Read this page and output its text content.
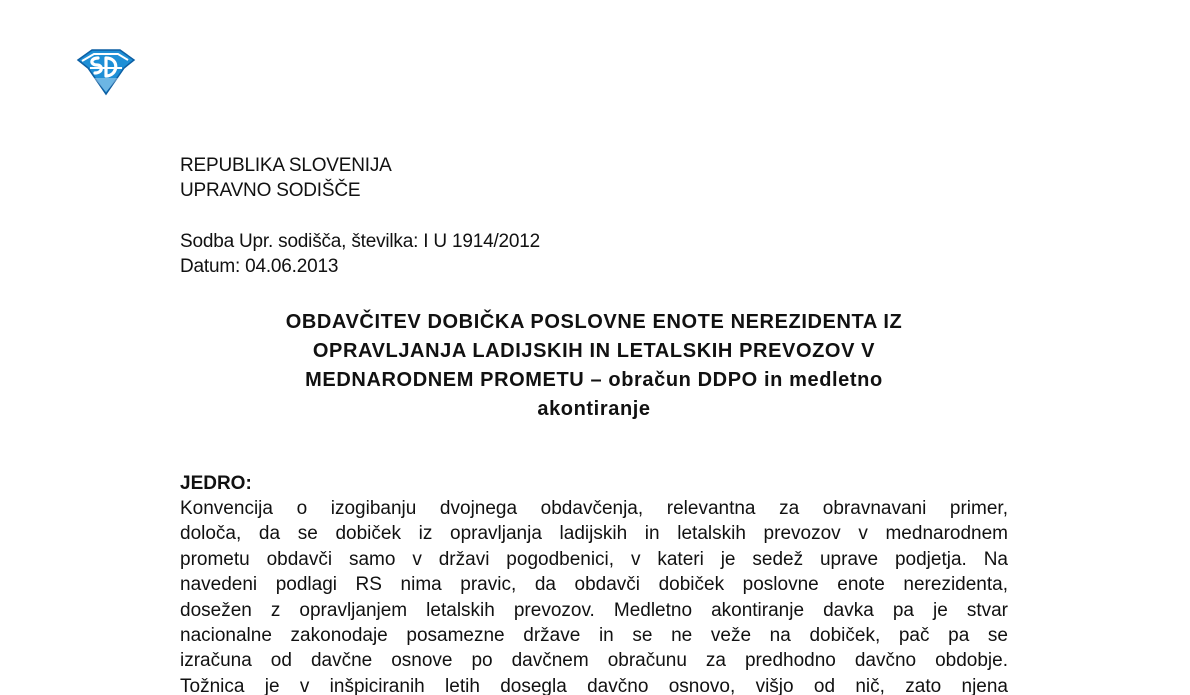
REPUBLIKA SLOVENIJA
UPRAVNO SODIŠČE
Sodba Upr. sodišča, številka: I U 1914/2012
Datum: 04.06.2013
OBDAVČITEV DOBIČKA POSLOVNE ENOTE NEREZIDENTA IZ
OPRAVLJANJA LADIJSKIH IN LETALSKIH PREVOZOV V
MEDNARODNEM PROMETU – obračun DDPO in medletno
akontiranje
JEDRO:
Konvencija o izogibanju dvojnega obdavčenja, relevantna za obravnavani primer,
določa, da se dobiček iz opravljanja ladijskih in letalskih prevozov v mednarodnem
prometu obdavči samo v državi pogodbenici, v kateri je sedež uprave podjetja. Na
navedeni podlagi RS nima pravic, da obdavči dobiček poslovne enote nerezidenta,
dosežen z opravljanjem letalskih prevozov. Medletno akontiranje davka pa je stvar
nacionalne zakonodaje posamezne države in se ne veže na dobiček, pač pa se
izračuna od davčne osnove po davčnem obračunu za predhodno davčno obdobje.
Tožnica je v inšpiciranih letih dosegla davčno osnovo, višjo od nič, zato njena
